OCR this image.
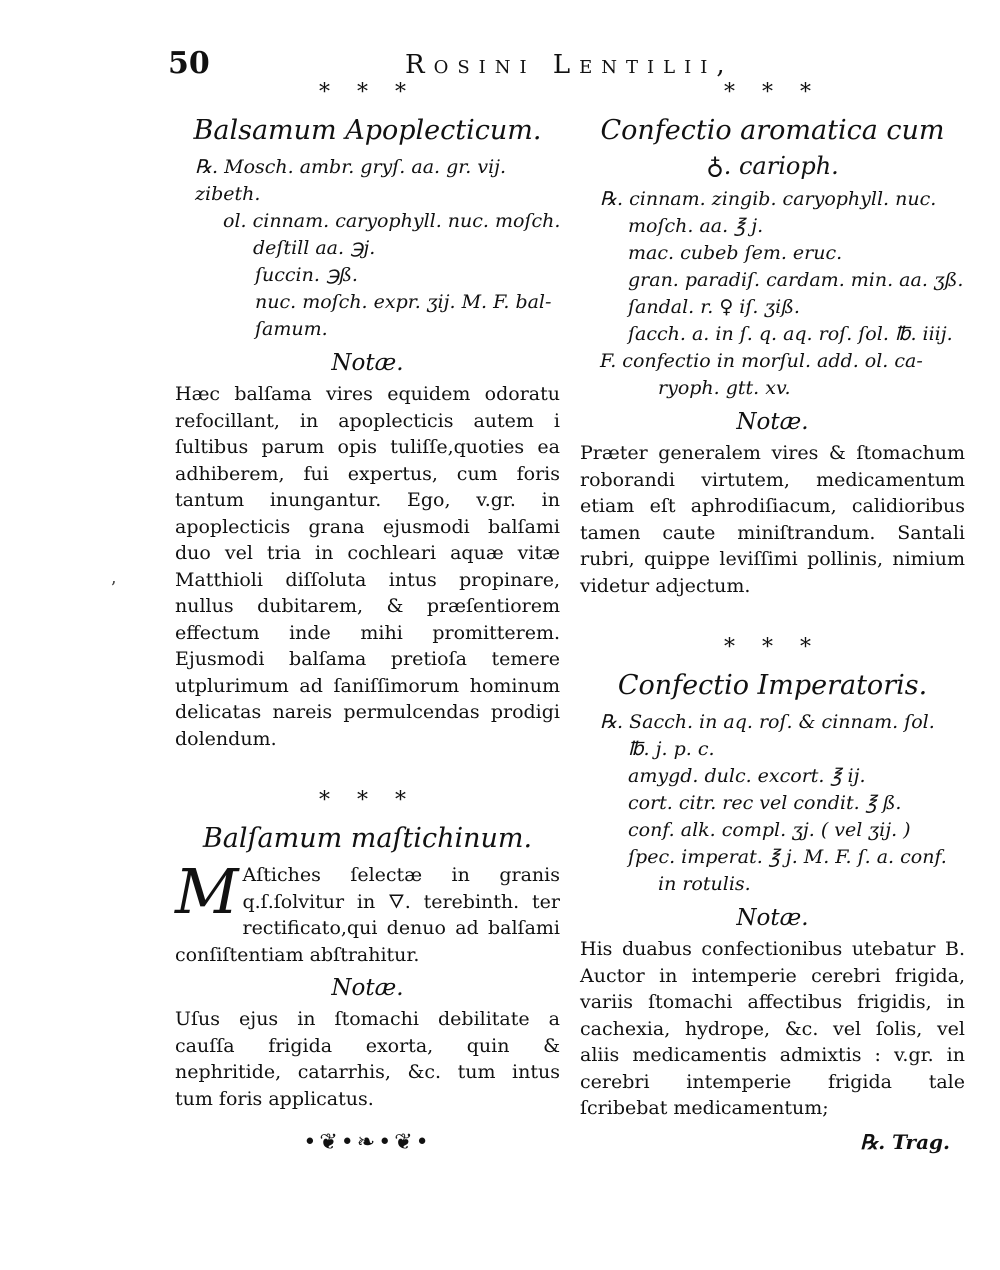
50	Rosini Lentilii,
ʼ
* * *
Balsamum Apoplecticum.
℞. Mosch. ambr. gryſ. aa. gr. vij.
zibeth.
ol. cinnam. caryophyll. nuc. moſch.
deſtill aa. ℈j.
ſuccin. ℈ß.
nuc. moſch. expr. ʒij. M. F. bal-
ſamum.
Notæ.
Hæc balſama vires equidem odoratu refocillant, in apoplecticis autem i ſultibus parum opis tuliſſe,quoties ea adhiberem, fui expertus, cum foris tantum inungantur. Ego, v.gr. in apoplecticis grana ejusmodi balſami duo vel tria in cochleari aquæ vitæ Matthioli diſſoluta intus propinare, nullus dubitarem, & præſentiorem effectum inde mihi promitterem. Ejusmodi balſama pretioſa temere utplurimum ad ſaniſſimorum hominum delicatas nareis permulcendas prodigi dolendum.
* * *
Balſamum maſtichinum.
M Aſtiches ſelectæ in granis q.ſ.ſolvitur in 🜄. terebinth. ter rectificato,qui denuo ad balſami conſiſtentiam abſtrahitur.
Notæ.
Uſus ejus in ſtomachi debilitate a cauſſa frigida exorta, quin & nephritide, catarrhis, &c. tum intus tum foris applicatus.
•❦•❧•❦•
* * *
Confectio aromatica cum
♁. carioph.
℞. cinnam. zingib. caryophyll. nuc.
moſch. aa. ℥ j.
mac. cubeb ſem. eruc.
gran. paradiſ. cardam. min. aa. ʒß.
ſandal. r. ♀ iſ. ʒiß.
ſacch. a. in ſ. q. aq. roſ. ſol. ℔. iiij.
F. confectio in morſul. add. ol. ca-
ryoph. gtt. xv.
Notæ.
Præter generalem vires & ſtomachum roborandi virtutem, medicamentum etiam eſt aphrodiſiacum, calidioribus tamen caute miniſtrandum. Santali rubri, quippe leviſſimi pollinis, nimium videtur adjectum.
* * *
Confectio Imperatoris.
℞. Sacch. in aq. roſ. & cinnam. ſol.
℔. j. p. c.
amygd. dulc. excort. ℥ ij.
cort. citr. rec vel condit. ℥ ß.
conf. alk. compl. ʒj. ( vel ʒij. )
ſpec. imperat. ℥ j. M. F. ſ. a. conf.
in rotulis.
Notæ.
His duabus confectionibus utebatur B. Auctor in intemperie cerebri frigida, variis ſtomachi affectibus frigidis, in cachexia, hydrope, &c. vel ſolis, vel aliis medicamentis admixtis : v.gr. in cerebri intemperie frigida tale ſcribebat medicamentum;
℞. Trag.
